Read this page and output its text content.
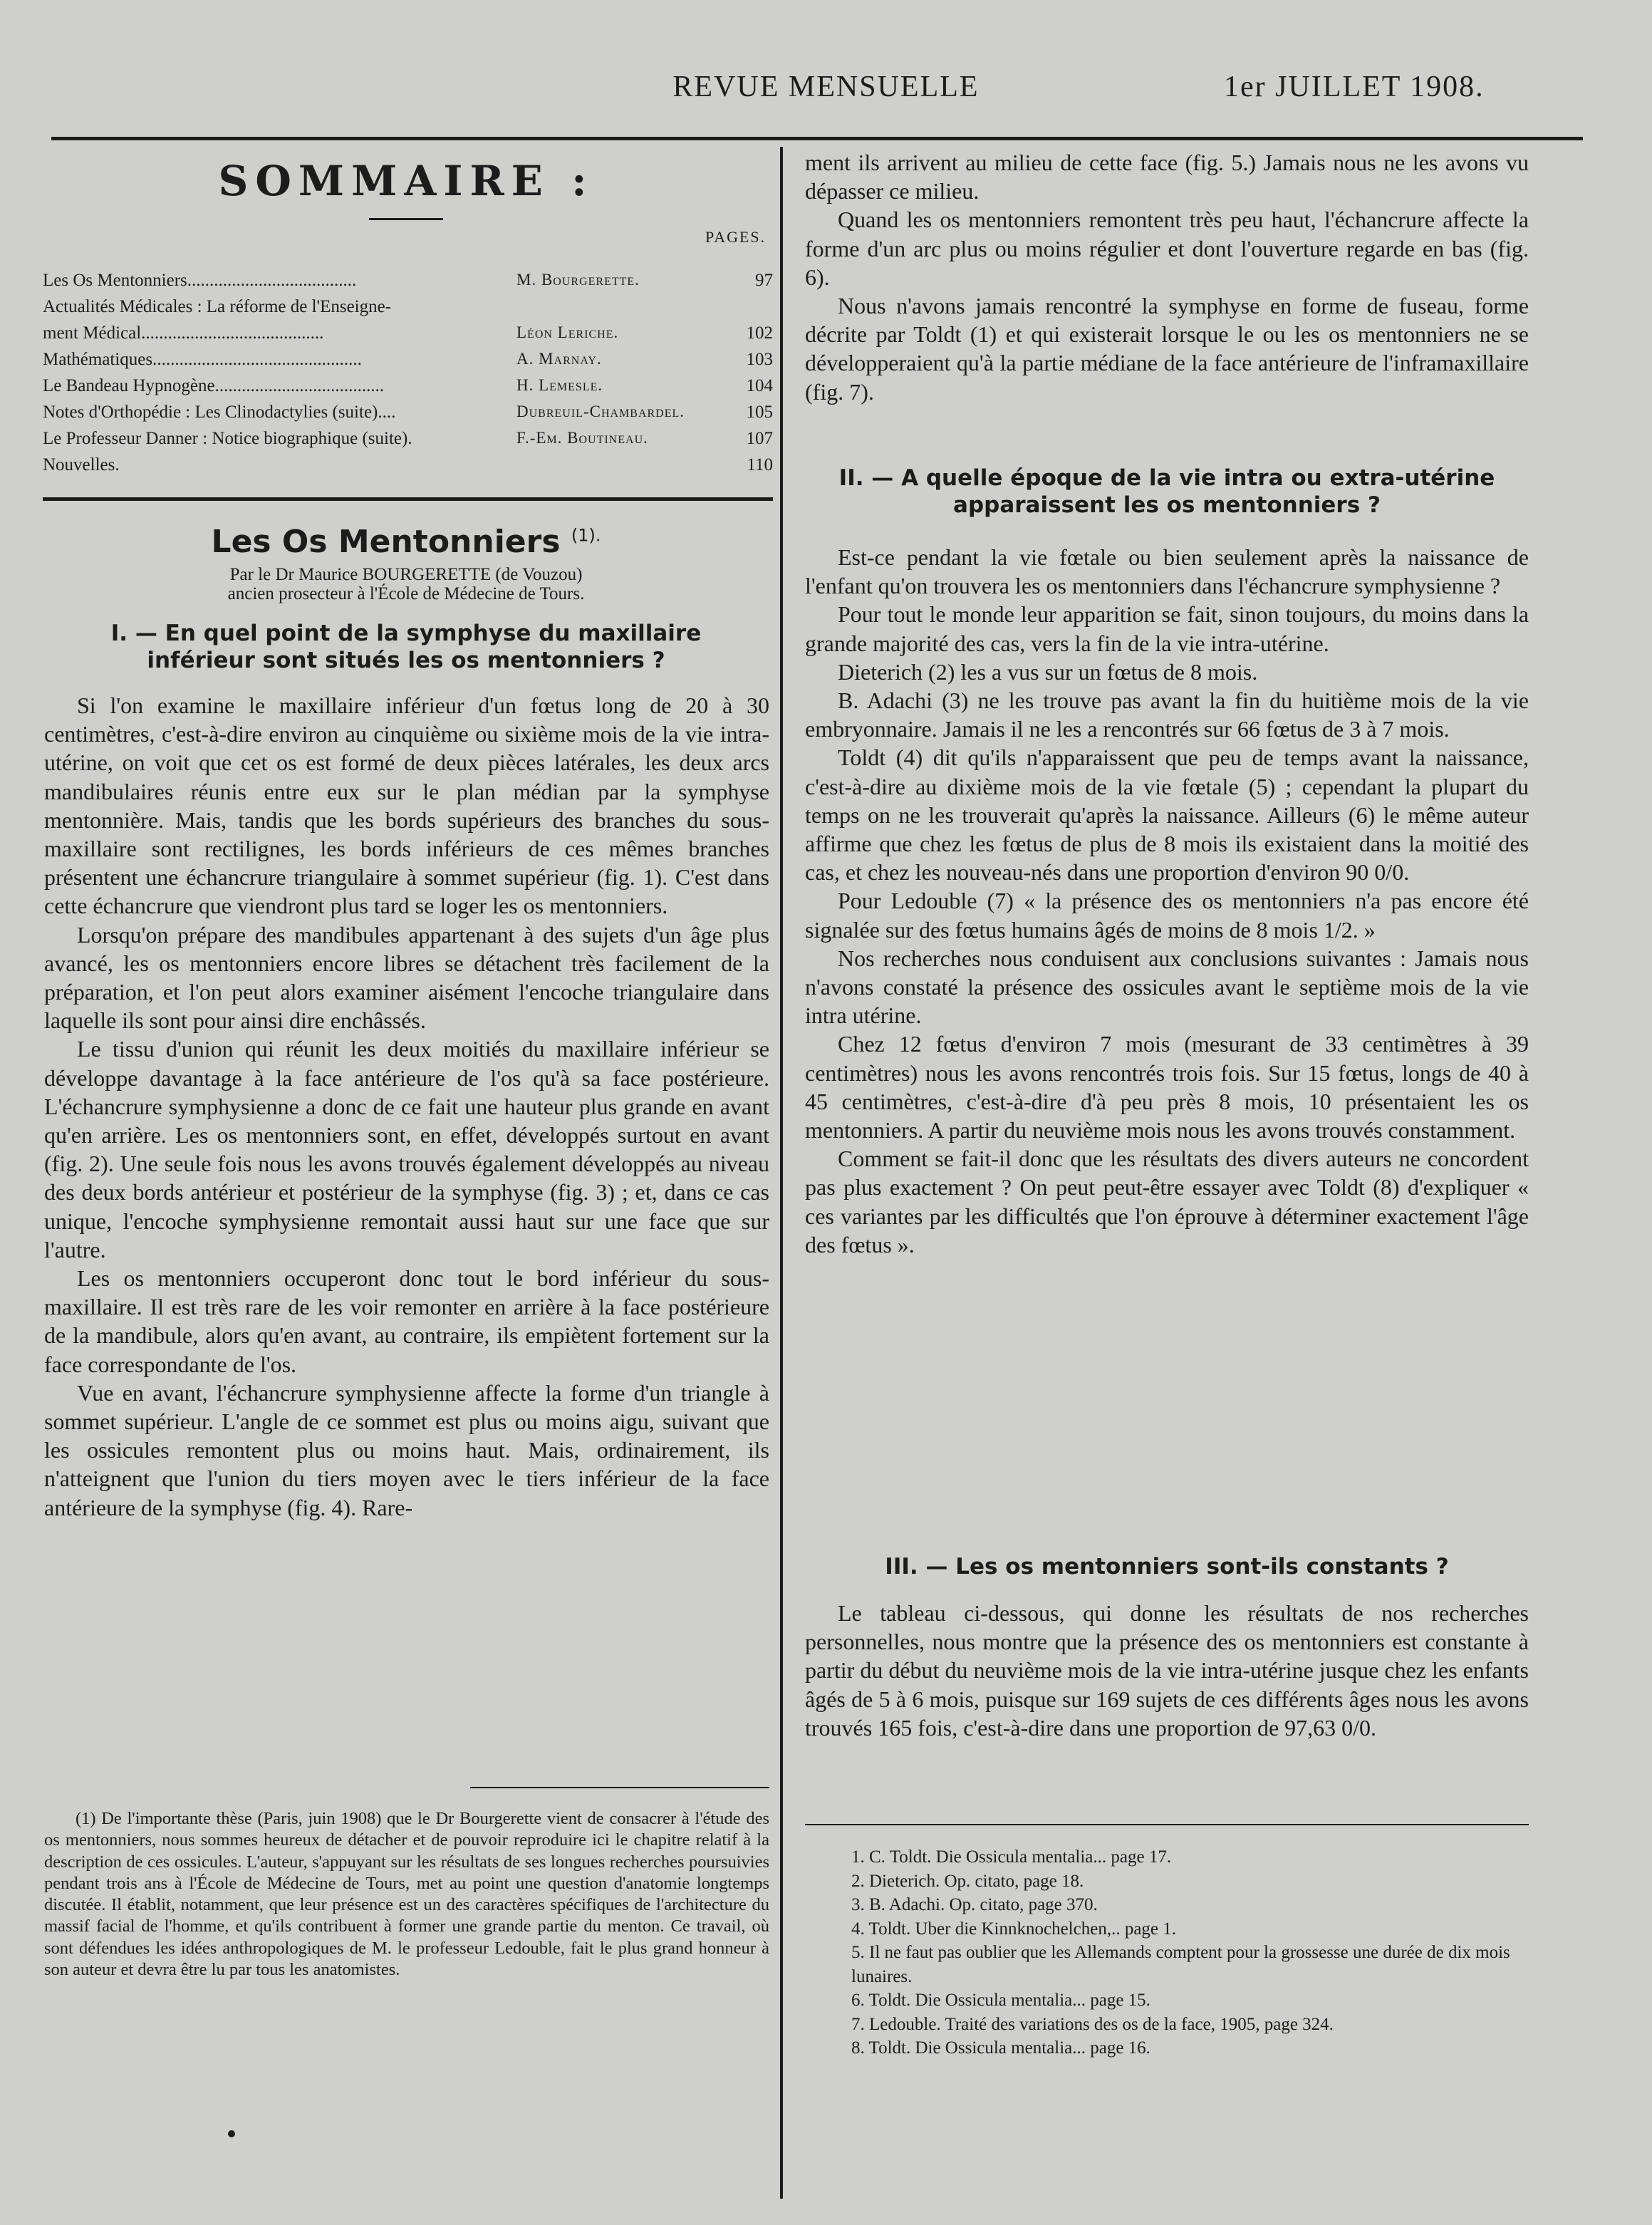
REVUE MENSUELLE	1er JUILLET 1908.
SOMMAIRE :
PAGES.
Les Os Mentonniers......................................	M. Bourgerette.	97
Actualités Médicales : La réforme de l'Enseigne-
ment Médical.........................................	Léon Leriche.	102
Mathématiques...............................................	A. Marnay.	103
Le Bandeau Hypnogène......................................	H. Lemesle.	104
Notes d'Orthopédie : Les Clinodactylies (suite)....	Dubreuil-Chambardel.	105
Le Professeur Danner : Notice biographique (suite).	F.-Em. Boutineau.	107
Nouvelles.	110
Les Os Mentonniers $^{(1).}$
Par le Dr Maurice BOURGERETTE (de Vouzou)
ancien prosecteur à l'École de Médecine de Tours.
I. — En quel point de la symphyse du maxillaire
inférieur sont situés les os mentonniers ?

Si l'on examine le maxillaire inférieur d'un fœtus long de 20 à 30 centimètres, c'est-à-dire environ au cinquième ou sixième mois de la vie intra-utérine, on voit que cet os est formé de deux pièces latérales, les deux arcs mandibulaires réunis entre eux sur le plan médian par la symphyse mentonnière. Mais, tandis que les bords supérieurs des branches du sous-maxillaire sont rectilignes, les bords inférieurs de ces mêmes branches présentent une échancrure triangulaire à sommet supérieur (fig. 1). C'est dans cette échancrure que viendront plus tard se loger les os mentonniers.

Lorsqu'on prépare des mandibules appartenant à des sujets d'un âge plus avancé, les os mentonniers encore libres se détachent très facilement de la préparation, et l'on peut alors examiner aisément l'encoche triangulaire dans laquelle ils sont pour ainsi dire enchâssés.

Le tissu d'union qui réunit les deux moitiés du maxillaire inférieur se développe davantage à la face antérieure de l'os qu'à sa face postérieure. L'échancrure symphysienne a donc de ce fait une hauteur plus grande en avant qu'en arrière. Les os mentonniers sont, en effet, développés surtout en avant (fig. 2). Une seule fois nous les avons trouvés également développés au niveau des deux bords antérieur et postérieur de la symphyse (fig. 3) ; et, dans ce cas unique, l'encoche symphysienne remontait aussi haut sur une face que sur l'autre.

Les os mentonniers occuperont donc tout le bord inférieur du sous-maxillaire. Il est très rare de les voir remonter en arrière à la face postérieure de la mandibule, alors qu'en avant, au contraire, ils empiètent fortement sur la face correspondante de l'os.

Vue en avant, l'échancrure symphysienne affecte la forme d'un triangle à sommet supérieur. L'angle de ce sommet est plus ou moins aigu, suivant que les ossicules remontent plus ou moins haut. Mais, ordinairement, ils n'atteignent que l'union du tiers moyen avec le tiers inférieur de la face antérieure de la symphyse (fig. 4). Rare-

(1) De l'importante thèse (Paris, juin 1908) que le Dr Bourgerette vient de consacrer à l'étude des os mentonniers, nous sommes heureux de détacher et de pouvoir reproduire ici le chapitre relatif à la description de ces ossicules. L'auteur, s'appuyant sur les résultats de ses longues recherches poursuivies pendant trois ans à l'École de Médecine de Tours, met au point une question d'anatomie longtemps discutée. Il établit, notamment, que leur présence est un des caractères spécifiques de l'architecture du massif facial de l'homme, et qu'ils contribuent à former une grande partie du menton. Ce travail, où sont défendues les idées anthropologiques de M. le professeur Ledouble, fait le plus grand honneur à son auteur et devra être lu par tous les anatomistes.

ment ils arrivent au milieu de cette face (fig. 5.) Jamais nous ne les avons vu dépasser ce milieu.

Quand les os mentonniers remontent très peu haut, l'échancrure affecte la forme d'un arc plus ou moins régulier et dont l'ouverture regarde en bas (fig. 6).

Nous n'avons jamais rencontré la symphyse en forme de fuseau, forme décrite par Toldt (1) et qui existerait lorsque le ou les os mentonniers ne se développeraient qu'à la partie médiane de la face antérieure de l'inframaxillaire (fig. 7).

II. — A quelle époque de la vie intra ou extra-utérine
apparaissent les os mentonniers ?

Est-ce pendant la vie fœtale ou bien seulement après la naissance de l'enfant qu'on trouvera les os mentonniers dans l'échancrure symphysienne ?

Pour tout le monde leur apparition se fait, sinon toujours, du moins dans la grande majorité des cas, vers la fin de la vie intra-utérine.

Dieterich (2) les a vus sur un fœtus de 8 mois.

B. Adachi (3) ne les trouve pas avant la fin du huitième mois de la vie embryonnaire. Jamais il ne les a rencontrés sur 66 fœtus de 3 à 7 mois.

Toldt (4) dit qu'ils n'apparaissent que peu de temps avant la naissance, c'est-à-dire au dixième mois de la vie fœtale (5) ; cependant la plupart du temps on ne les trouverait qu'après la naissance. Ailleurs (6) le même auteur affirme que chez les fœtus de plus de 8 mois ils existaient dans la moitié des cas, et chez les nouveau-nés dans une proportion d'environ 90 0/0.

Pour Ledouble (7) « la présence des os mentonniers n'a pas encore été signalée sur des fœtus humains âgés de moins de 8 mois 1/2. »

Nos recherches nous conduisent aux conclusions suivantes : Jamais nous n'avons constaté la présence des ossicules avant le septième mois de la vie intra utérine.

Chez 12 fœtus d'environ 7 mois (mesurant de 33 centimètres à 39 centimètres) nous les avons rencontrés trois fois. Sur 15 fœtus, longs de 40 à 45 centimètres, c'est-à-dire d'à peu près 8 mois, 10 présentaient les os mentonniers. A partir du neuvième mois nous les avons trouvés constamment.

Comment se fait-il donc que les résultats des divers auteurs ne concordent pas plus exactement ? On peut peut-être essayer avec Toldt (8) d'expliquer « ces variantes par les difficultés que l'on éprouve à déterminer exactement l'âge des fœtus ».

III. — Les os mentonniers sont-ils constants ?

Le tableau ci-dessous, qui donne les résultats de nos recherches personnelles, nous montre que la présence des os mentonniers est constante à partir du début du neuvième mois de la vie intra-utérine jusque chez les enfants âgés de 5 à 6 mois, puisque sur 169 sujets de ces différents âges nous les avons trouvés 165 fois, c'est-à-dire dans une proportion de 97,63 0/0.

1. C. Toldt. Die Ossicula mentalia... page 17.
2. Dieterich. Op. citato, page 18.
3. B. Adachi. Op. citato, page 370.
4. Toldt. Uber die Kinnknochelchen,.. page 1.
5. Il ne faut pas oublier que les Allemands comptent pour la grossesse une durée de dix mois lunaires.
6. Toldt. Die Ossicula mentalia... page 15.
7. Ledouble. Traité des variations des os de la face, 1905, page 324.
8. Toldt. Die Ossicula mentalia... page 16.
